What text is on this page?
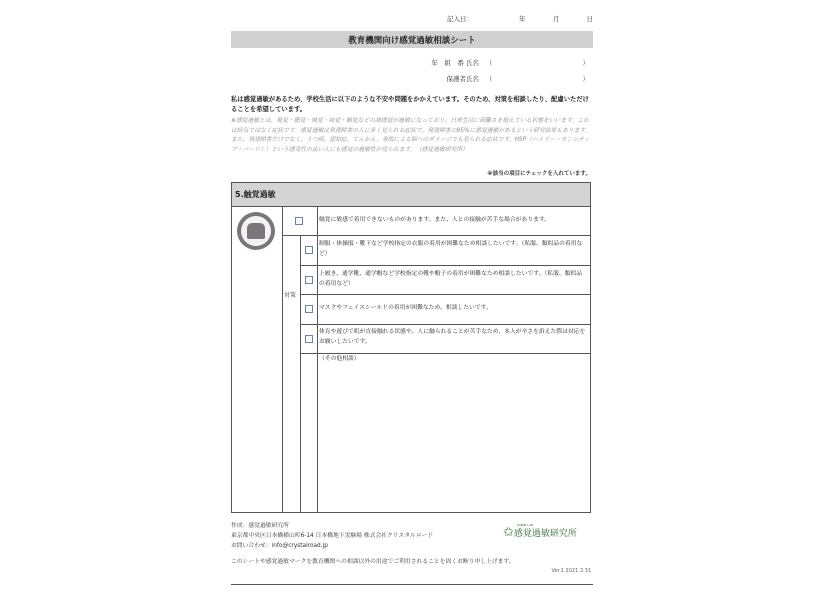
記入日：	年	月	日
教育機関向け感覚過敏相談シート
年　組　番 氏名	（	）
保護者氏名	（	）
私は感覚過敏があるため、学校生活に以下のような不安や問題をかかえています。そのため、対策を相談したり、配慮いただけることを希望しています。
※感覚過敏とは、視覚・聴覚・嗅覚・味覚・触覚などの諸感覚が過敏になっており、日常生活に困難さを抱えている状態をいいます。これは病気ではなく症状です。感覚過敏は発達障害の人に多く見られる症状で、発達障害の95%に感覚過敏があるという研究結果もあります。また、発達障害だけでなく、うつ病、認知症、てんかん、事故による脳へのダメージでも見られる症状です。HSP（ハイリー・センシティブ・パーソン）という感受性の高い人にも感覚の過敏性が見られます。（感覚過敏研究所）
※該当の項目にチェックを入れています。
5.触覚過敏
触覚に敏感で着用できないものがあります。また、人との接触が苦手な場合があります。
対策
制服・体操服・靴下など学校指定の衣服の着用が困難なため相談したいです。（私服、類似品の着用など）
上履き、通学靴、通学帽など学校指定の靴や帽子の着用が困難なため相談したいです。（私服、類似品の着用など）
マスクやフェイスシールドの着用が困難なため、相談したいです。
体育や遊びで肌が直接触れる状態や、人に触られることが苦手なため、本人が辛さを訴えた際は対応をお願いしたいです。
（その他相談）
作成：感覚過敏研究所
東京都中央区日本橋横山町6-14 日本橋地下実験場 株式会社クリスタルロード
お問い合わせ：info@crystalroad.jp
✩ KABIN LAB
感覚過敏研究所
このシートや感覚過敏マークを教育機関への相談以外の用途でご利用されることを固くお断り申し上げます。
Ver.1 2021.3.31
